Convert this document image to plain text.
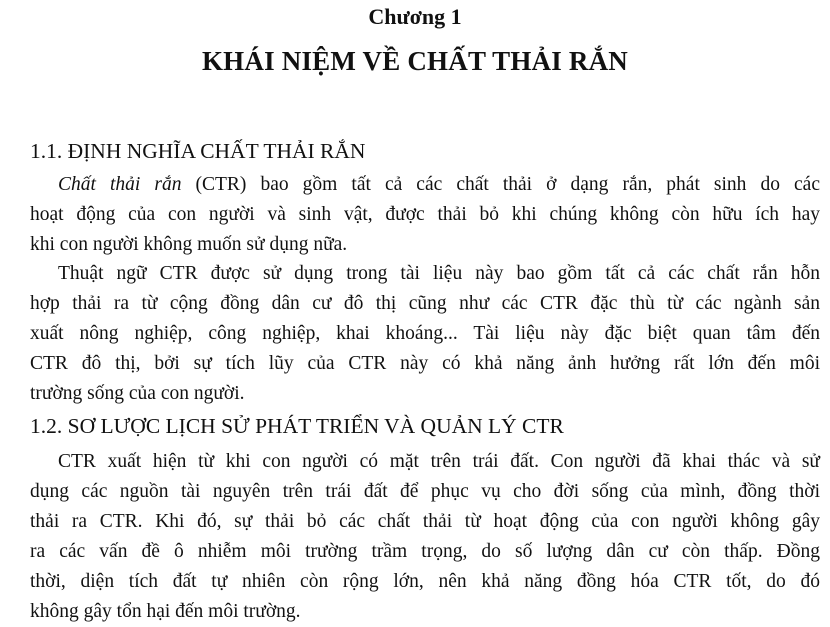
Chương 1
KHÁI NIỆM VỀ CHẤT THẢI RẮN
1.1. ĐỊNH NGHĨA CHẤT THẢI RẮN
Chất thải rắn (CTR) bao gồm tất cả các chất thải ở dạng rắn, phát sinh do các
hoạt động của con người và sinh vật, được thải bỏ khi chúng không còn hữu ích hay
khi con người không muốn sử dụng nữa.
Thuật ngữ CTR được sử dụng trong tài liệu này bao gồm tất cả các chất rắn hỗn
hợp thải ra từ cộng đồng dân cư đô thị cũng như các CTR đặc thù từ các ngành sản
xuất nông nghiệp, công nghiệp, khai khoáng... Tài liệu này đặc biệt quan tâm đến
CTR đô thị, bởi sự tích lũy của CTR này có khả năng ảnh hưởng rất lớn đến môi
trường sống của con người.
1.2. SƠ LƯỢC LỊCH SỬ PHÁT TRIỂN VÀ QUẢN LÝ CTR
CTR xuất hiện từ khi con người có mặt trên trái đất. Con người đã khai thác và sử
dụng các nguồn tài nguyên trên trái đất để phục vụ cho đời sống của mình, đồng thời
thải ra CTR. Khi đó, sự thải bỏ các chất thải từ hoạt động của con người không gây
ra các vấn đề ô nhiễm môi trường trầm trọng, do số lượng dân cư còn thấp. Đồng
thời, diện tích đất tự nhiên còn rộng lớn, nên khả năng đồng hóa CTR tốt, do đó
không gây tổn hại đến môi trường.
